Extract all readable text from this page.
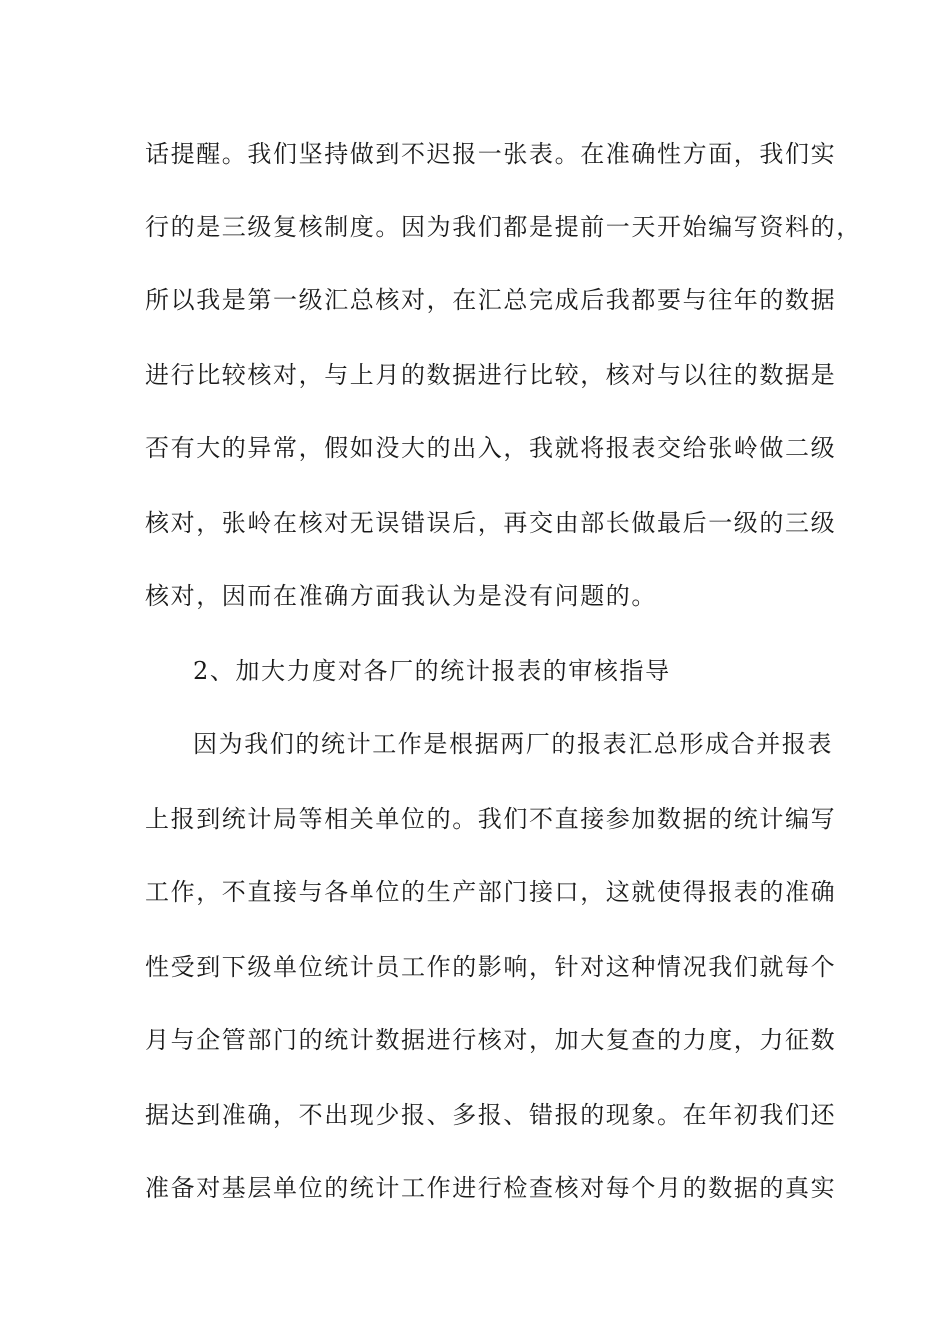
话提醒。我们坚持做到不迟报一张表。在准确性方面，我们实

行的是三级复核制度。因为我们都是提前一天开始编写资料的，

所以我是第一级汇总核对，在汇总完成后我都要与往年的数据

进行比较核对，与上月的数据进行比较，核对与以往的数据是

否有大的异常，假如没大的出入，我就将报表交给张岭做二级

核对，张岭在核对无误错误后，再交由部长做最后一级的三级

核对，因而在准确方面我认为是没有问题的。

2、加大力度对各厂的统计报表的审核指导

因为我们的统计工作是根据两厂的报表汇总形成合并报表

上报到统计局等相关单位的。我们不直接参加数据的统计编写

工作，不直接与各单位的生产部门接口，这就使得报表的准确

性受到下级单位统计员工作的影响，针对这种情况我们就每个

月与企管部门的统计数据进行核对，加大复查的力度，力征数

据达到准确，不出现少报、多报、错报的现象。在年初我们还

准备对基层单位的统计工作进行检查核对每个月的数据的真实
